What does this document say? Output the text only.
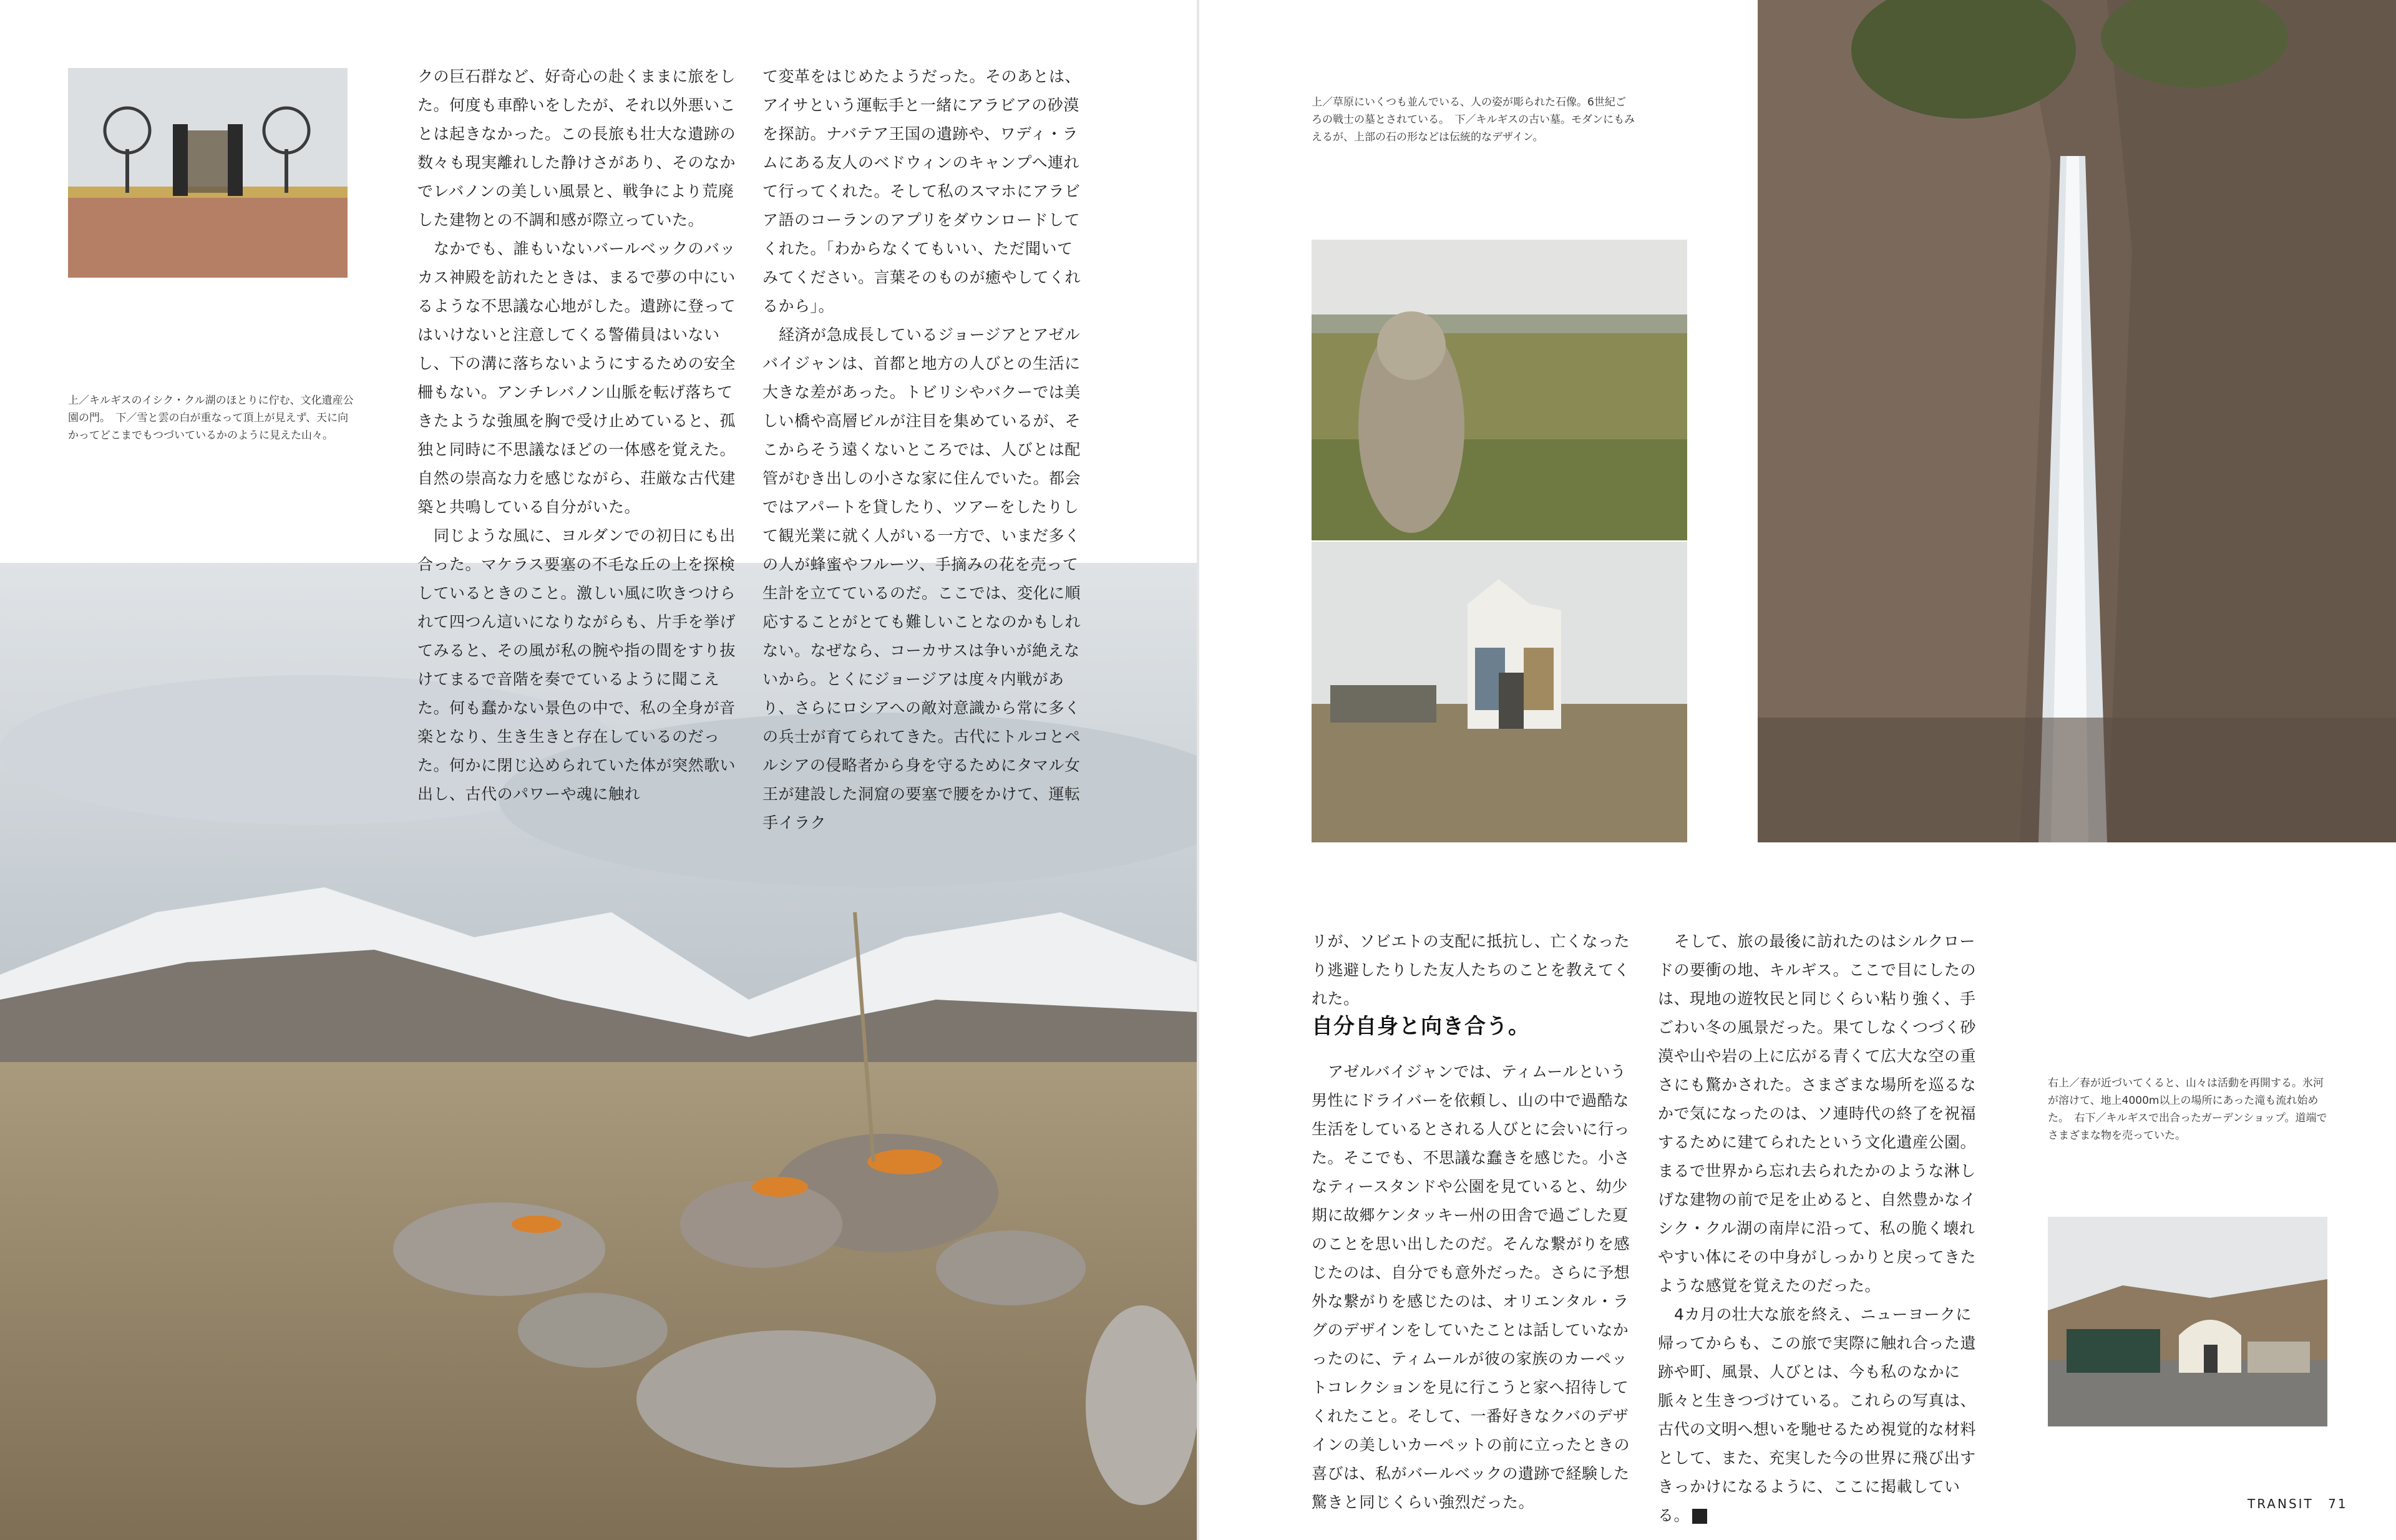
上／キルギスのイシク・クル湖のほとりに佇む、文化遺産公園の門。　下／雪と雲の白が重なって頂上が見えず、天に向かってどこまでもつづいているかのように見えた山々。

クの巨石群など、好奇心の赴くままに旅をした。何度も車酔いをしたが、それ以外悪いことは起きなかった。この長旅も壮大な遺跡の数々も現実離れした静けさがあり、そのなかでレバノンの美しい風景と、戦争により荒廃した建物との不調和感が際立っていた。

なかでも、誰もいないバールベックのバッカス神殿を訪れたときは、まるで夢の中にいるような不思議な心地がした。遺跡に登ってはいけないと注意してくる警備員はいないし、下の溝に落ちないようにするための安全柵もない。アンチレバノン山脈を転げ落ちてきたような強風を胸で受け止めていると、孤独と同時に不思議なほどの一体感を覚えた。自然の崇高な力を感じながら、荘厳な古代建築と共鳴している自分がいた。

同じような風に、ヨルダンでの初日にも出合った。マケラス要塞の不毛な丘の上を探検しているときのこと。激しい風に吹きつけられて四つん這いになりながらも、片手を挙げてみると、その風が私の腕や指の間をすり抜けてまるで音階を奏でているように聞こえた。何も蠢かない景色の中で、私の全身が音楽となり、生き生きと存在しているのだった。何かに閉じ込められていた体が突然歌い出し、古代のパワーや魂に触れ

て変革をはじめたようだった。そのあとは、アイサという運転手と一緒にアラビアの砂漠を探訪。ナバテア王国の遺跡や、ワディ・ラムにある友人のベドウィンのキャンプへ連れて行ってくれた。そして私のスマホにアラビア語のコーランのアプリをダウンロードしてくれた。「わからなくてもいい、ただ聞いてみてください。言葉そのものが癒やしてくれるから」。

経済が急成長しているジョージアとアゼルバイジャンは、首都と地方の人びとの生活に大きな差があった。トビリシやバクーでは美しい橋や高層ビルが注目を集めているが、そこからそう遠くないところでは、人びとは配管がむき出しの小さな家に住んでいた。都会ではアパートを貸したり、ツアーをしたりして観光業に就く人がいる一方で、いまだ多くの人が蜂蜜やフルーツ、手摘みの花を売って生計を立てているのだ。ここでは、変化に順応することがとても難しいことなのかもしれない。なぜなら、コーカサスは争いが絶えないから。とくにジョージアは度々内戦があり、さらにロシアへの敵対意識から常に多くの兵士が育てられてきた。古代にトルコとペルシアの侵略者から身を守るためにタマル女王が建設した洞窟の要塞で腰をかけて、運転手イラク

上／草原にいくつも並んでいる、人の姿が彫られた石像。6世紀ごろの戦士の墓とされている。　下／キルギスの古い墓。モダンにもみえるが、上部の石の形などは伝統的なデザイン。

リが、ソビエトの支配に抵抗し、亡くなったり逃避したりした友人たちのことを教えてくれた。

自分自身と向き合う。

アゼルバイジャンでは、ティムールという男性にドライバーを依頼し、山の中で過酷な生活をしているとされる人びとに会いに行った。そこでも、不思議な蠢きを感じた。小さなティースタンドや公園を見ていると、幼少期に故郷ケンタッキー州の田舎で過ごした夏のことを思い出したのだ。そんな繋がりを感じたのは、自分でも意外だった。さらに予想外な繋がりを感じたのは、オリエンタル・ラグのデザインをしていたことは話していなかったのに、ティムールが彼の家族のカーペットコレクションを見に行こうと家へ招待してくれたこと。そして、一番好きなクバのデザインの美しいカーペットの前に立ったときの喜びは、私がバールベックの遺跡で経験した驚きと同じくらい強烈だった。

そして、旅の最後に訪れたのはシルクロードの要衝の地、キルギス。ここで目にしたのは、現地の遊牧民と同じくらい粘り強く、手ごわい冬の風景だった。果てしなくつづく砂漠や山や岩の上に広がる青くて広大な空の重さにも驚かされた。さまざまな場所を巡るなかで気になったのは、ソ連時代の終了を祝福するために建てられたという文化遺産公園。まるで世界から忘れ去られたかのような淋しげな建物の前で足を止めると、自然豊かなイシク・クル湖の南岸に沿って、私の脆く壊れやすい体にその中身がしっかりと戻ってきたような感覚を覚えたのだった。

4カ月の壮大な旅を終え、ニューヨークに帰ってからも、この旅で実際に触れ合った遺跡や町、風景、人びとは、今も私のなかに脈々と生きつづけている。これらの写真は、古代の文明へ想いを馳せるため視覚的な材料として、また、充実した今の世界に飛び出すきっかけになるように、ここに掲載している。 T

右上／春が近づいてくると、山々は活動を再開する。氷河が溶けて、地上4000m以上の場所にあった滝も流れ始めた。　右下／キルギスで出合ったガーデンショップ。道端でさまざまな物を売っていた。
TRANSIT 71
